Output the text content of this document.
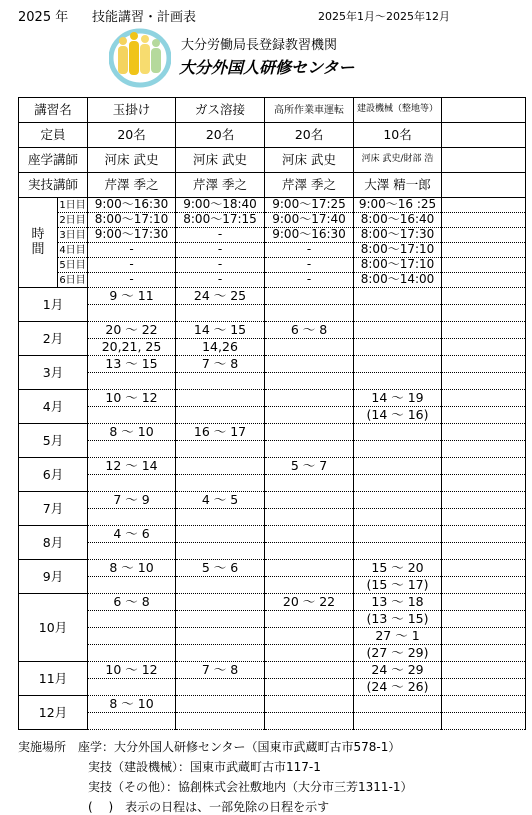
2025 年 技能講習・計画表	2025年1月～2025年12月
大分労働局長登録教習機関
大分外国人研修センター
講習名		玉掛け	ガス溶接	高所作業車運転	建設機械（整地等）	
定員		20名	20名	20名	10名	
座学講師		河床 武史	河床 武史	河床 武史	河床 武史/財部 浩	
実技講師		芹澤 季之	芹澤 季之	芹澤 季之	大澤 精一郎	
時
間	1日目	9:00～16:30	9:00～18:40	9:00～17:25	9:00～16 :25	
	2日目	8:00～17:10	8:00～17:15	9:00～17:40	8:00～16:40	
	3日目	9:00～17:30	-	9:00～16:30	8:00～17:30	
	4日目	-	-	-	8:00～17:10	
	5日目	-	-	-	8:00～17:10	
	6日目	-	-	-	8:00～14:00	
1月		9 ～ 11	24 ～ 25			

2月		20 ～ 22	14 ～ 15	6 ～ 8		
		20,21, 25	14,26			
3月		13 ～ 15	7 ～ 8			

4月		10 ～ 12			14 ～ 19	
					(14 ～ 16)	
5月		8 ～ 10	16 ～ 17			

6月		12 ～ 14		5 ～ 7		

7月		7 ～ 9	4 ～ 5			

8月		4 ～ 6				

9月		8 ～ 10	5 ～ 6		15 ～ 20	
					(15 ～ 17)	
10月		6 ～ 8		20 ～ 22	13 ～ 18	
					(13 ～ 15)	
					27 ～ 1	
					(27 ～ 29)	
11月		10 ～ 12	7 ～ 8		24 ～ 29	
					(24 ～ 26)	
12月		8 ～ 10				

実施場所　座学：大分外国人研修センター（国東市武蔵町古市578-1）
実技（建設機械）：国東市武蔵町古市117-1
実技（その他）：協創株式会社敷地内（大分市三芳1311-1）
(　 )　表示の日程は、一部免除の日程を示す
